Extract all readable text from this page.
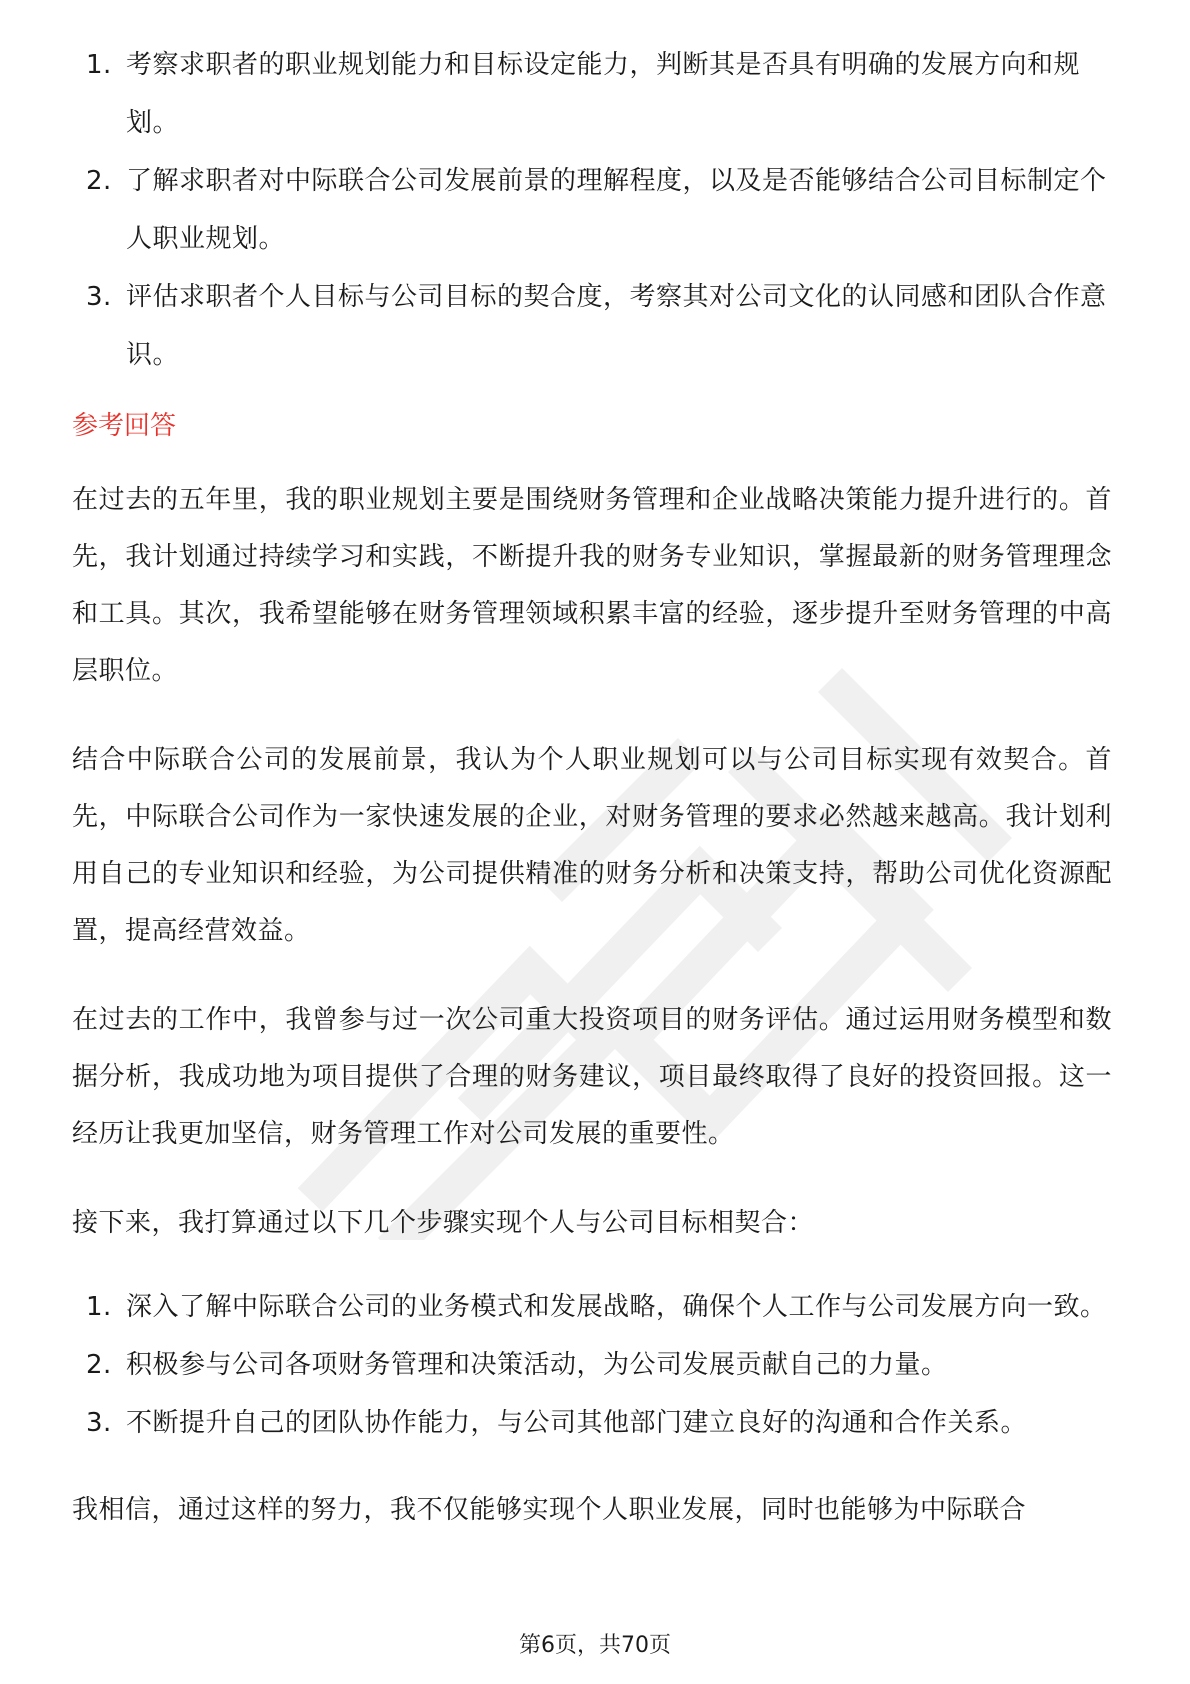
1. 考察求职者的职业规划能力和目标设定能力，判断其是否具有明确的发展方向和规划。
2. 了解求职者对中际联合公司发展前景的理解程度，以及是否能够结合公司目标制定个人职业规划。
3. 评估求职者个人目标与公司目标的契合度，考察其对公司文化的认同感和团队合作意识。
参考回答

在过去的五年里，我的职业规划主要是围绕财务管理和企业战略决策能力提升进行的。首先，我计划通过持续学习和实践，不断提升我的财务专业知识，掌握最新的财务管理理念和工具。其次，我希望能够在财务管理领域积累丰富的经验，逐步提升至财务管理的中高层职位。

结合中际联合公司的发展前景，我认为个人职业规划可以与公司目标实现有效契合。首先，中际联合公司作为一家快速发展的企业，对财务管理的要求必然越来越高。我计划利用自己的专业知识和经验，为公司提供精准的财务分析和决策支持，帮助公司优化资源配置，提高经营效益。

在过去的工作中，我曾参与过一次公司重大投资项目的财务评估。通过运用财务模型和数据分析，我成功地为项目提供了合理的财务建议，项目最终取得了良好的投资回报。这一经历让我更加坚信，财务管理工作对公司发展的重要性。

接下来，我打算通过以下几个步骤实现个人与公司目标相契合：

1. 深入了解中际联合公司的业务模式和发展战略，确保个人工作与公司发展方向一致。
2. 积极参与公司各项财务管理和决策活动，为公司发展贡献自己的力量。
3. 不断提升自己的团队协作能力，与公司其他部门建立良好的沟通和合作关系。

我相信，通过这样的努力，我不仅能够实现个人职业发展，同时也能够为中际联合

第6页，共70页
